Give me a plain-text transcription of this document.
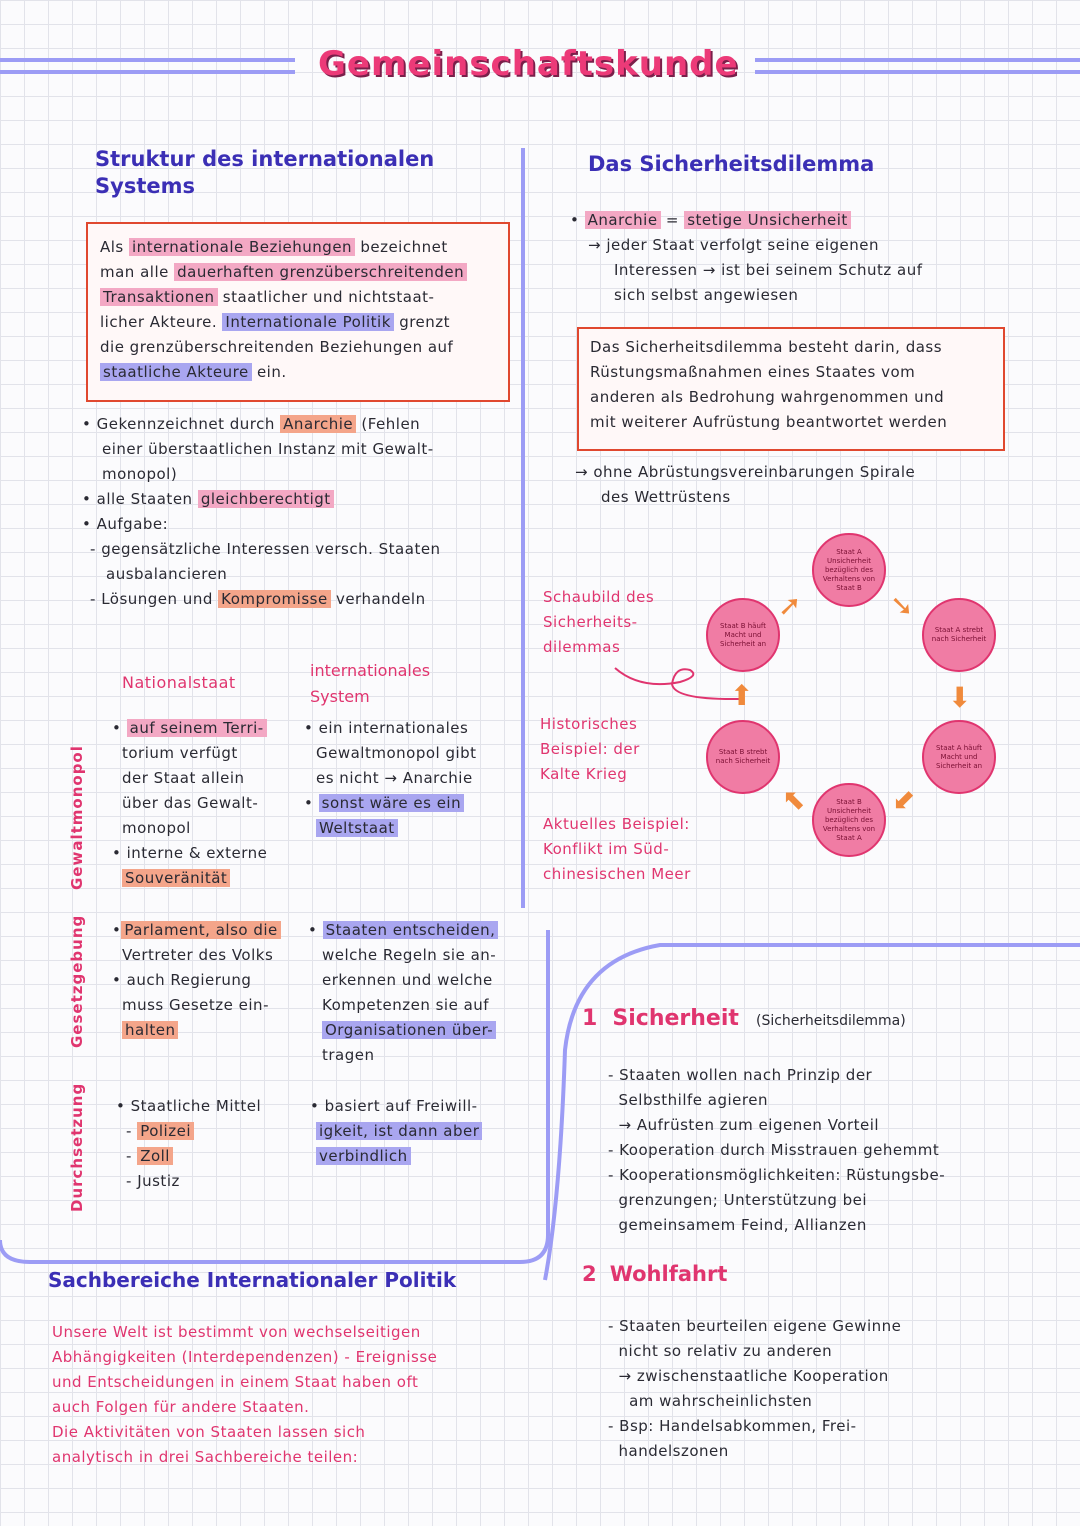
Gemeinschaftskunde
Struktur des internationalen
Systems
Als internationale Beziehungen bezeichnet
man alle dauerhaften grenzüberschreitenden
Transaktionen staatlicher und nichtstaat-
licher Akteure. Internationale Politik grenzt
die grenzüberschreitenden Beziehungen auf
staatliche Akteure ein.
• Gekennzeichnet durch Anarchie (Fehlen
einer überstaatlichen Instanz mit Gewalt-
monopol)
• alle Staaten gleichberechtigt
• Aufgabe:
- gegensätzliche Interessen versch. Staaten
ausbalancieren
- Lösungen und Kompromisse verhandeln
Nationalstaat
internationales
System
Gewaltmonopol
Gesetzgebung
Durchsetzung
• auf seinem Terri-
torium verfügt
der Staat allein
über das Gewalt-
monopol
• interne & externe
Souveränität
• ein internationales
Gewaltmonopol gibt
es nicht → Anarchie
• sonst wäre es ein
Weltstaat
• Parlament, also die
Vertreter des Volks
• auch Regierung
muss Gesetze ein-
halten
• Staaten entscheiden,
welche Regeln sie an-
erkennen und welche
Kompetenzen sie auf
Organisationen über-
tragen
• Staatliche Mittel
- Polizei
- Zoll
- Justiz
• basiert auf Freiwill-
igkeit, ist dann aber
verbindlich
Das Sicherheitsdilemma
• Anarchie = stetige Unsicherheit
→ jeder Staat verfolgt seine eigenen
Interessen → ist bei seinem Schutz auf
sich selbst angewiesen
Das Sicherheitsdilemma besteht darin, dass
Rüstungsmaßnahmen eines Staates vom
anderen als Bedrohung wahrgenommen und
mit weiterer Aufrüstung beantwortet werden
→ ohne Abrüstungsvereinbarungen Spirale
des Wettrüstens
Schaubild des
Sicherheits-
dilemmas
Historisches
Beispiel: der
Kalte Krieg
Aktuelles Beispiel:
Konflikt im Süd-
chinesischen Meer
Staat A Unsicherheit bezüglich des Verhaltens von Staat B
Staat A strebt nach Sicherheit
Staat A häuft Macht und Sicherheit an
Staat B Unsicherheit bezüglich des Verhaltens von Staat A
Staat B strebt nach Sicherheit
Staat B häuft Macht und Sicherheit an
➚	➘
⬇
⬋
⬉
⬆
1 Sicherheit (Sicherheitsdilemma)
- Staaten wollen nach Prinzip der
Selbsthilfe agieren
→ Aufrüsten zum eigenen Vorteil
- Kooperation durch Misstrauen gehemmt
- Kooperationsmöglichkeiten: Rüstungsbe-
grenzungen; Unterstützung bei
gemeinsamem Feind, Allianzen
2 Wohlfahrt
- Staaten beurteilen eigene Gewinne
nicht so relativ zu anderen
→ zwischenstaatliche Kooperation
am wahrscheinlichsten
- Bsp: Handelsabkommen, Frei-
handelszonen
Sachbereiche Internationaler Politik
Unsere Welt ist bestimmt von wechselseitigen
Abhängigkeiten (Interdependenzen) - Ereignisse
und Entscheidungen in einem Staat haben oft
auch Folgen für andere Staaten.
Die Aktivitäten von Staaten lassen sich
analytisch in drei Sachbereiche teilen:
